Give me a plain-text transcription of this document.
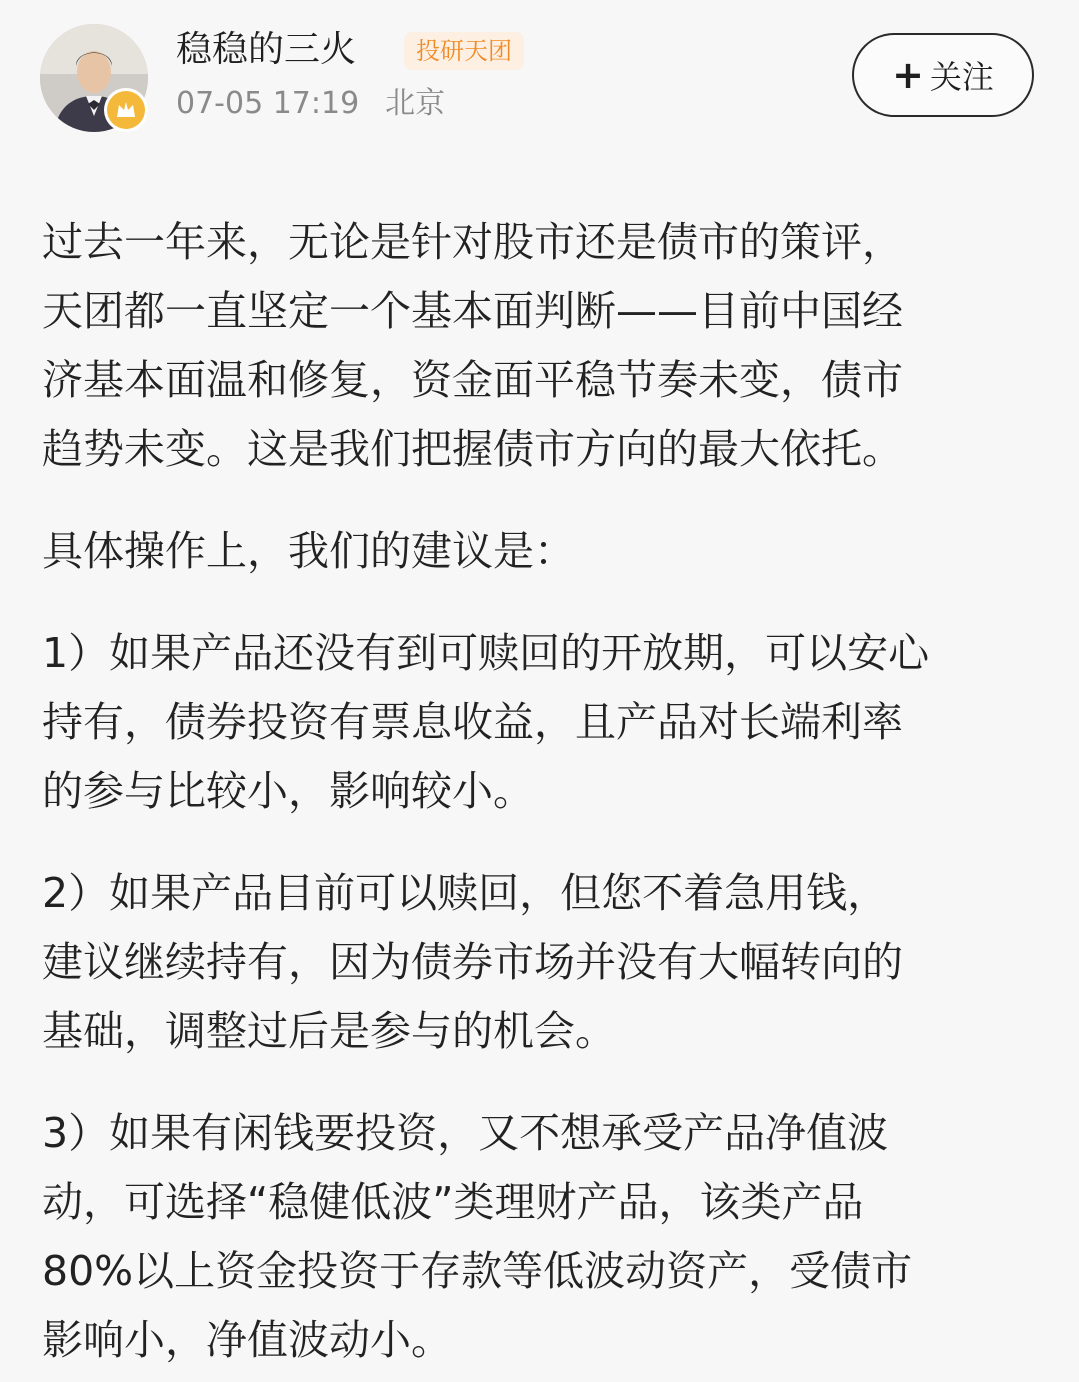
稳稳的三火	投研天团
07-05 17:19 北京
+ 关注

过去一年来，无论是针对股市还是债市的策评，
天团都一直坚定一个基本面判断——目前中国经
济基本面温和修复，资金面平稳节奏未变，债市
趋势未变。这是我们把握债市方向的最大依托。

具体操作上，我们的建议是：

1）如果产品还没有到可赎回的开放期，可以安心
持有，债券投资有票息收益，且产品对长端利率
的参与比较小，影响较小。

2）如果产品目前可以赎回，但您不着急用钱，
建议继续持有，因为债券市场并没有大幅转向的
基础，调整过后是参与的机会。

3）如果有闲钱要投资，又不想承受产品净值波
动，可选择“稳健低波”类理财产品，该类产品
80%以上资金投资于存款等低波动资产，受债市
影响小，净值波动小。
